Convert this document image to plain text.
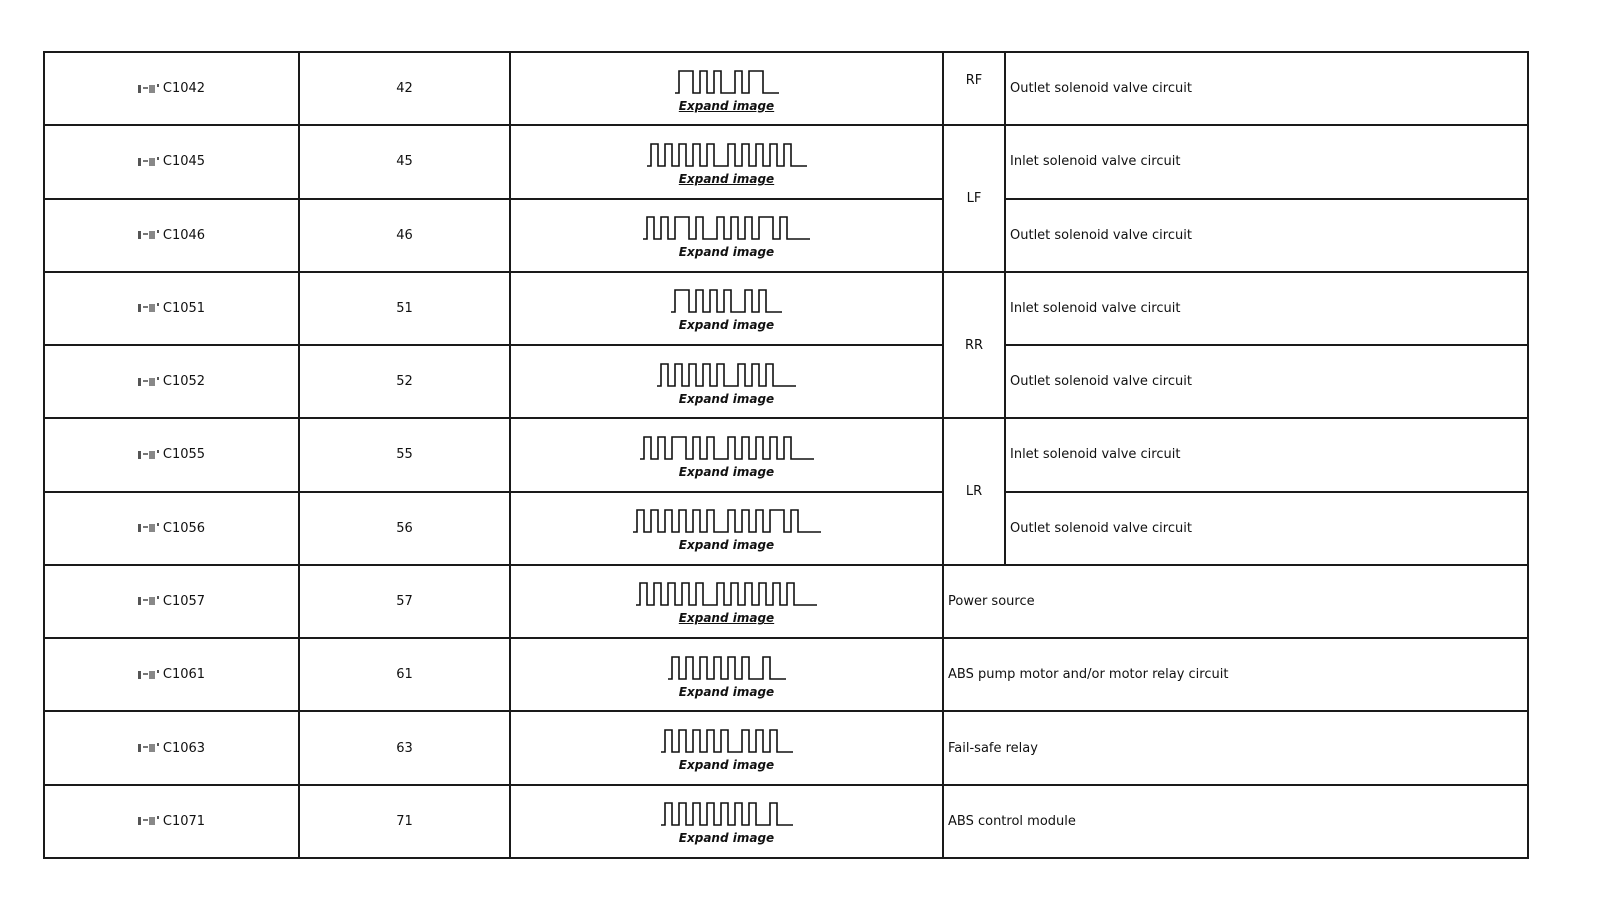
C1042	42	Expand image	RF	Outlet solenoid valve circuit

C1045	45	Expand image	LF	Inlet solenoid valve circuit

C1046	46	Expand image		Outlet solenoid valve circuit

C1051	51	Expand image	RR	Inlet solenoid valve circuit

C1052	52	Expand image		Outlet solenoid valve circuit

C1055	55	Expand image	LR	Inlet solenoid valve circuit

C1056	56	Expand image		Outlet solenoid valve circuit

C1057	57	Expand image	Power source	

C1061	61	Expand image	ABS pump motor and/or motor relay circuit	

C1063	63	Expand image	Fail-safe relay	

C1071	71	Expand image	ABS control module	
